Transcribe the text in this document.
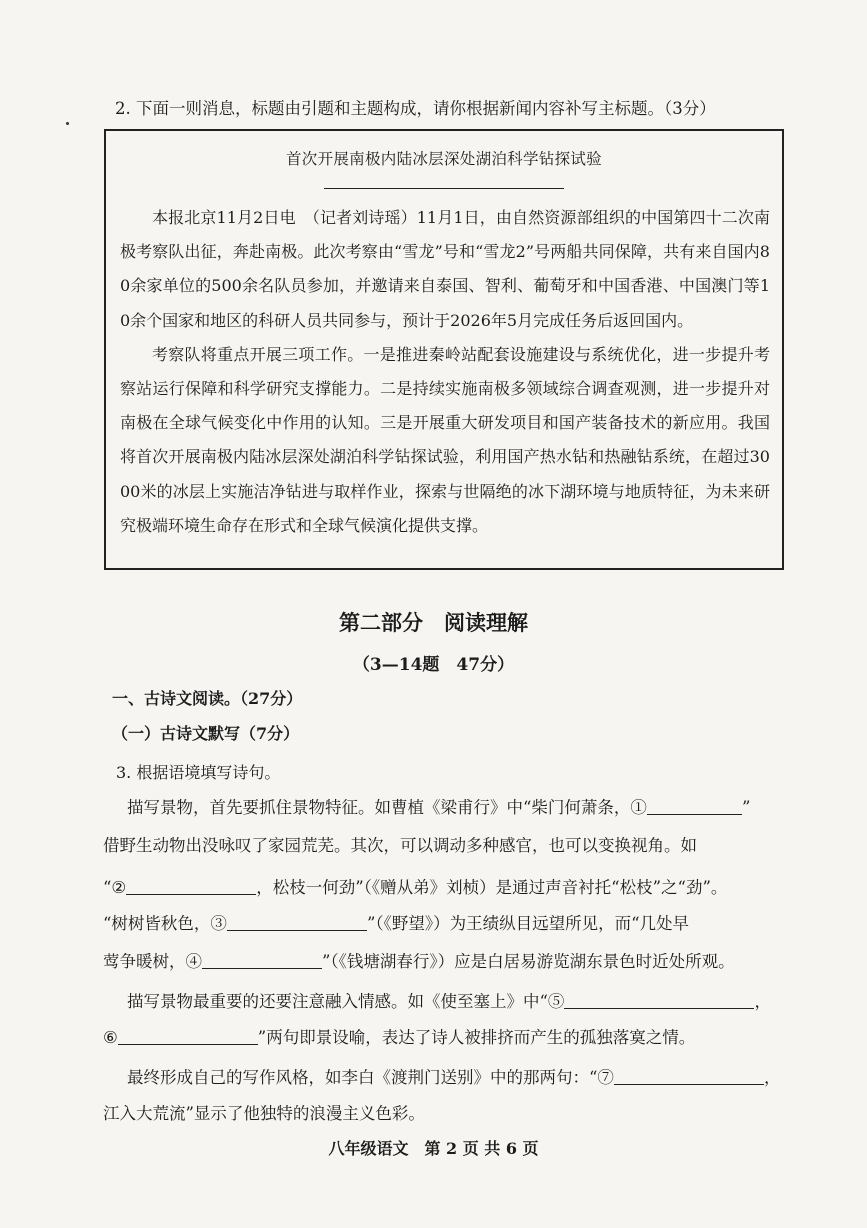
2. 下面一则消息，标题由引题和主题构成，请你根据新闻内容补写主标题。（3分）
首次开展南极内陆冰层深处湖泊科学钻探试验

本报北京11月2日电　（记者刘诗瑶）11月1日，由自然资源部组织的中国第四十二次南极考察队出征，奔赴南极。此次考察由“雪龙”号和“雪龙2”号两船共同保障，共有来自国内80余家单位的500余名队员参加，并邀请来自泰国、智利、葡萄牙和中国香港、中国澳门等10余个国家和地区的科研人员共同参与，预计于2026年5月完成任务后返回国内。

考察队将重点开展三项工作。一是推进秦岭站配套设施建设与系统优化，进一步提升考察站运行保障和科学研究支撑能力。二是持续实施南极多领域综合调查观测，进一步提升对南极在全球气候变化中作用的认知。三是开展重大研发项目和国产装备技术的新应用。我国将首次开展南极内陆冰层深处湖泊科学钻探试验，利用国产热水钻和热融钻系统，在超过3000米的冰层上实施洁净钻进与取样作业，探索与世隔绝的冰下湖环境与地质特征，为未来研究极端环境生命存在形式和全球气候演化提供支撑。

第二部分　阅读理解
（3—14题　47分）
一、古诗文阅读。（27分）
（一）古诗文默写（7分）
3. 根据语境填写诗句。
描写景物，首先要抓住景物特征。如曹植《梁甫行》中“柴门何萧条，①	”
借野生动物出没咏叹了家园荒芜。其次，可以调动多种感官，也可以变换视角。如
“②	，松枝一何劲”（《赠从弟》刘桢）是通过声音衬托“松枝”之“劲”。
“树树皆秋色，③	”（《野望》）为王绩纵目远望所见，而“几处早
莺争暖树，④	”（《钱塘湖春行》）应是白居易游览湖东景色时近处所观。
描写景物最重要的还要注意融入情感。如《使至塞上》中“⑤	，
⑥	”两句即景设喻，表达了诗人被排挤而产生的孤独落寞之情。
最终形成自己的写作风格，如李白《渡荆门送别》中的那两句：“⑦	，
江入大荒流”显示了他独特的浪漫主义色彩。
八年级语文　第 2 页 共 6 页
